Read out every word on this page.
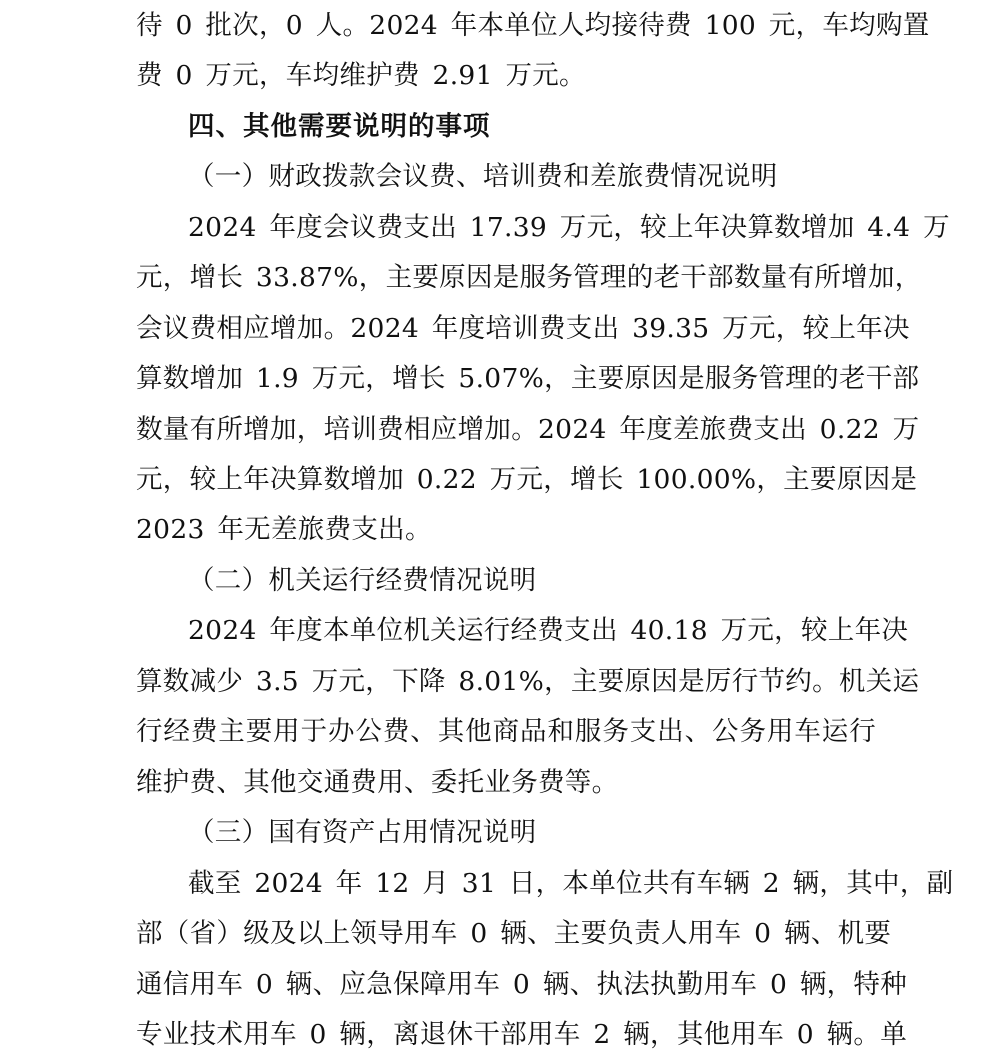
待 0 批次，0 人。2024 年本单位人均接待费 100 元，车均购置
费 0 万元，车均维护费 2.91 万元。
四、其他需要说明的事项
（一）财政拨款会议费、培训费和差旅费情况说明
2024 年度会议费支出 17.39 万元，较上年决算数增加 4.4 万
元，增长 33.87%，主要原因是服务管理的老干部数量有所增加，
会议费相应增加。2024 年度培训费支出 39.35 万元，较上年决
算数增加 1.9 万元，增长 5.07%，主要原因是服务管理的老干部
数量有所增加，培训费相应增加。2024 年度差旅费支出 0.22 万
元，较上年决算数增加 0.22 万元，增长 100.00%，主要原因是
2023 年无差旅费支出。
（二）机关运行经费情况说明
2024 年度本单位机关运行经费支出 40.18 万元，较上年决
算数减少 3.5 万元，下降 8.01%，主要原因是厉行节约。机关运
行经费主要用于办公费、其他商品和服务支出、公务用车运行
维护费、其他交通费用、委托业务费等。
（三）国有资产占用情况说明
截至 2024 年 12 月 31 日，本单位共有车辆 2 辆，其中，副
部（省）级及以上领导用车 0 辆、主要负责人用车 0 辆、机要
通信用车 0 辆、应急保障用车 0 辆、执法执勤用车 0 辆，特种
专业技术用车 0 辆，离退休干部用车 2 辆，其他用车 0 辆。单
